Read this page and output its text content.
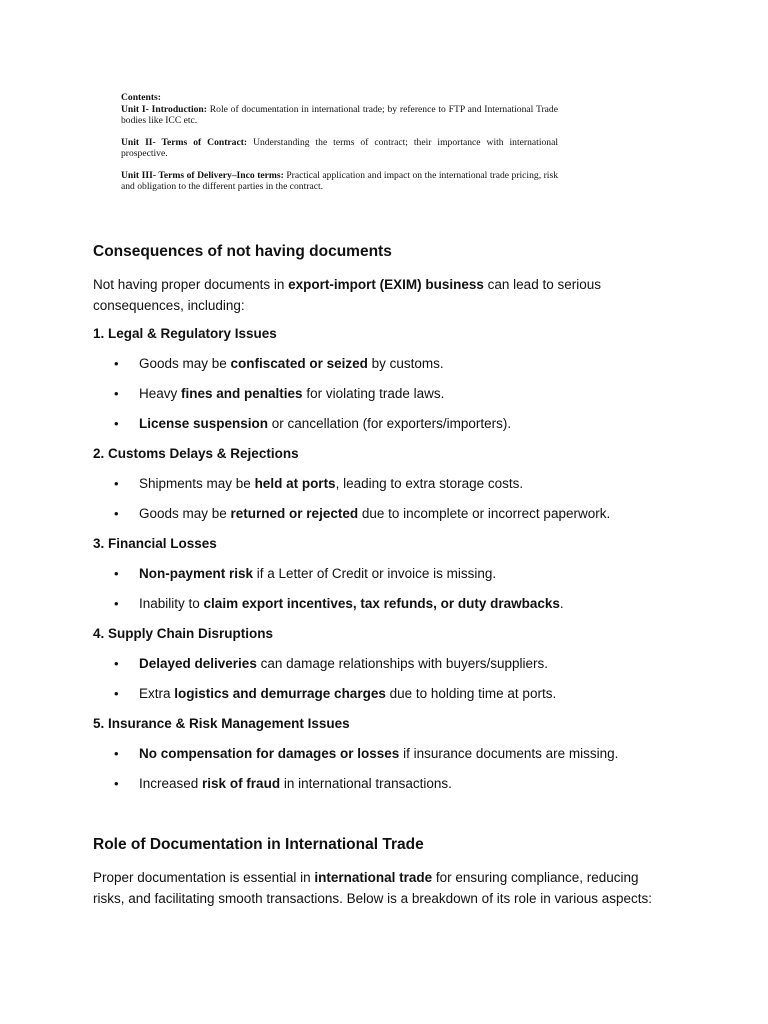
Contents:

Unit I- Introduction: Role of documentation in international trade; by reference to FTP and International Trade bodies like ICC etc.

Unit II- Terms of Contract: Understanding the terms of contract; their importance with international prospective.

Unit III- Terms of Delivery–Inco terms: Practical application and impact on the international trade pricing, risk and obligation to the different parties in the contract.

Consequences of not having documents

Not having proper documents in export-import (EXIM) business can lead to serious consequences, including:

1. Legal & Regulatory Issues

• Goods may be confiscated or seized by customs.
• Heavy fines and penalties for violating trade laws.
• License suspension or cancellation (for exporters/importers).

2. Customs Delays & Rejections

• Shipments may be held at ports, leading to extra storage costs.
• Goods may be returned or rejected due to incomplete or incorrect paperwork.

3. Financial Losses

• Non-payment risk if a Letter of Credit or invoice is missing.
• Inability to claim export incentives, tax refunds, or duty drawbacks.

4. Supply Chain Disruptions

• Delayed deliveries can damage relationships with buyers/suppliers.
• Extra logistics and demurrage charges due to holding time at ports.

5. Insurance & Risk Management Issues

• No compensation for damages or losses if insurance documents are missing.
• Increased risk of fraud in international transactions.
Role of Documentation in International Trade

Proper documentation is essential in international trade for ensuring compliance, reducing risks, and facilitating smooth transactions. Below is a breakdown of its role in various aspects:
